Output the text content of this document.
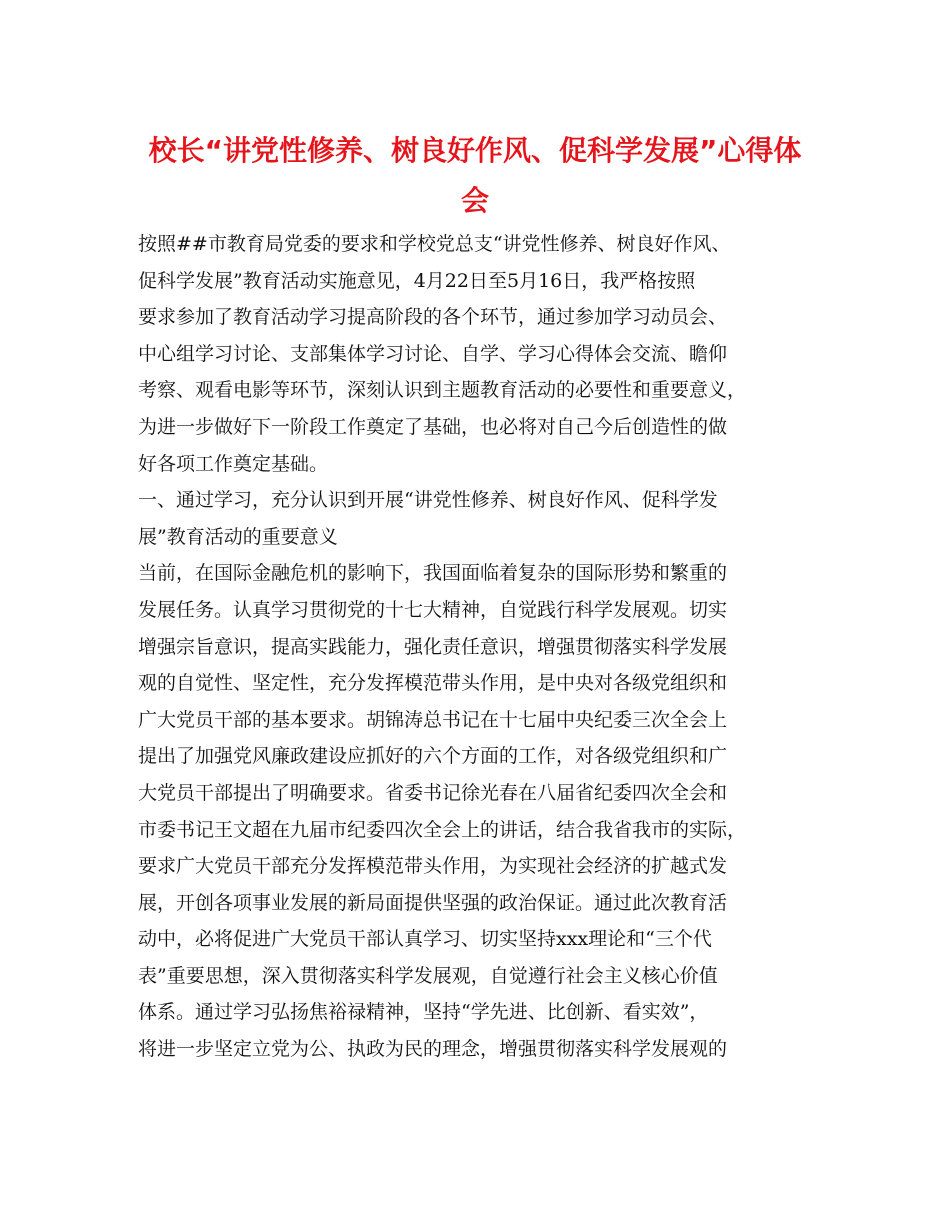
校长“讲党性修养、树良好作风、促科学发展”心得体
会

按照##市教育局党委的要求和学校党总支“讲党性修养、树良好作风、

促科学发展”教育活动实施意见，4月22日至5月16日，我严格按照

要求参加了教育活动学习提高阶段的各个环节，通过参加学习动员会、

中心组学习讨论、支部集体学习讨论、自学、学习心得体会交流、瞻仰

考察、观看电影等环节，深刻认识到主题教育活动的必要性和重要意义，

为进一步做好下一阶段工作奠定了基础，也必将对自己今后创造性的做

好各项工作奠定基础。

一、通过学习，充分认识到开展“讲党性修养、树良好作风、促科学发

展”教育活动的重要意义

当前，在国际金融危机的影响下，我国面临着复杂的国际形势和繁重的

发展任务。认真学习贯彻党的十七大精神，自觉践行科学发展观。切实

增强宗旨意识，提高实践能力，强化责任意识，增强贯彻落实科学发展

观的自觉性、坚定性，充分发挥模范带头作用，是中央对各级党组织和

广大党员干部的基本要求。胡锦涛总书记在十七届中央纪委三次全会上

提出了加强党风廉政建设应抓好的六个方面的工作，对各级党组织和广

大党员干部提出了明确要求。省委书记徐光春在八届省纪委四次全会和

市委书记王文超在九届市纪委四次全会上的讲话，结合我省我市的实际，

要求广大党员干部充分发挥模范带头作用，为实现社会经济的扩越式发

展，开创各项事业发展的新局面提供坚强的政治保证。通过此次教育活

动中，必将促进广大党员干部认真学习、切实坚持xxx理论和“三个代

表”重要思想，深入贯彻落实科学发展观，自觉遵行社会主义核心价值

体系。通过学习弘扬焦裕禄精神，坚持“学先进、比创新、看实效”，

将进一步坚定立党为公、执政为民的理念，增强贯彻落实科学发展观的
